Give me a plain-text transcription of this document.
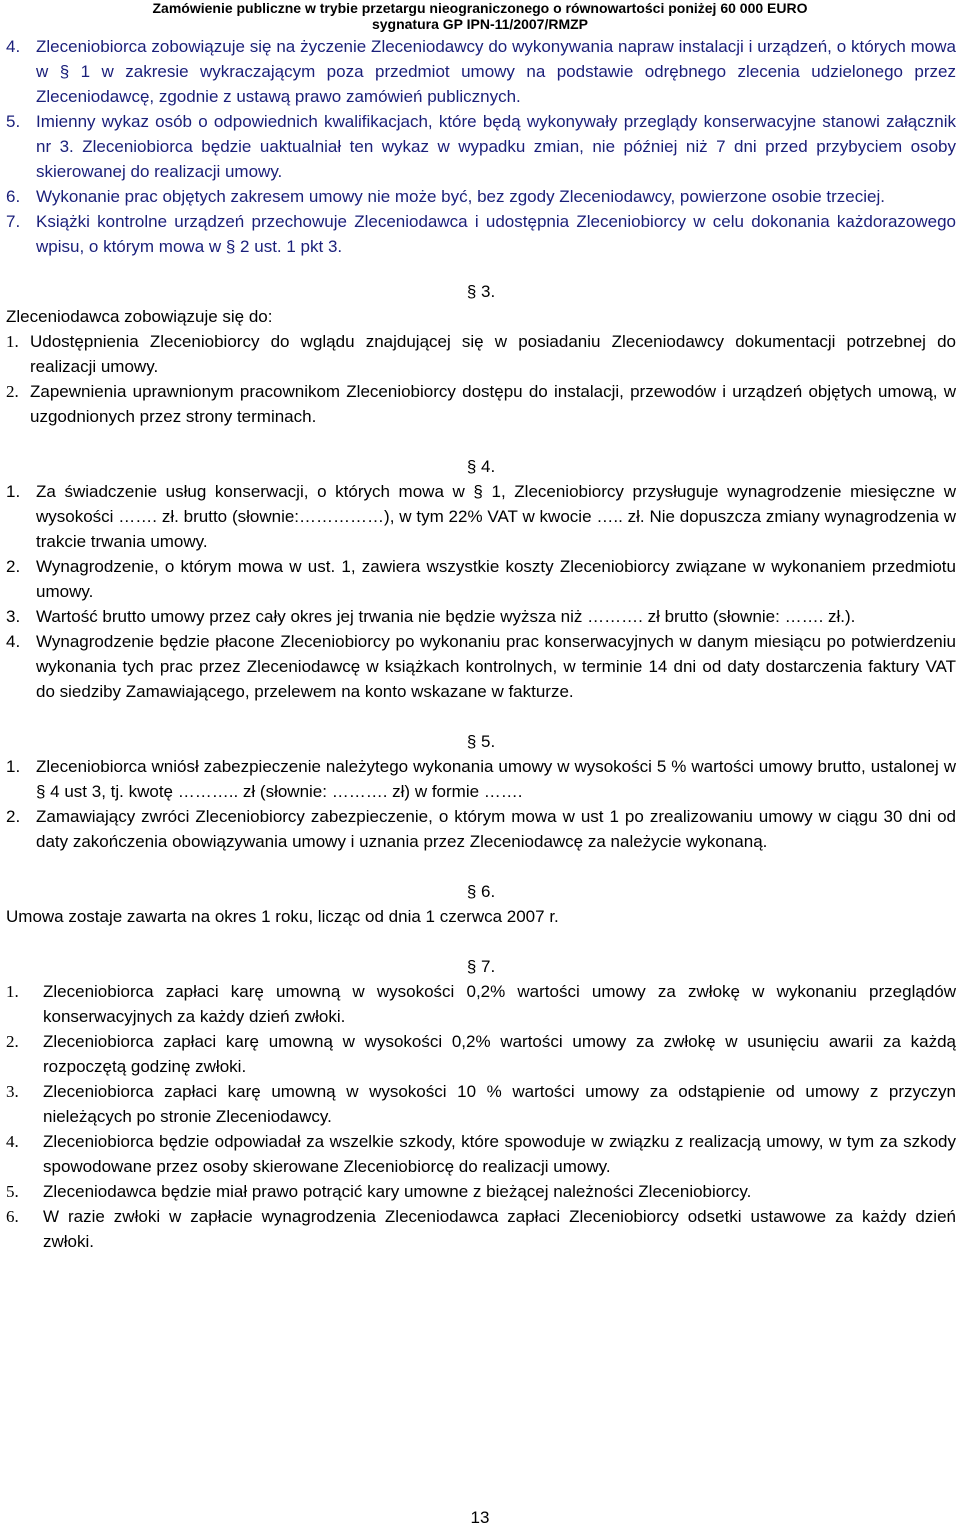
Zamówienie publiczne w trybie przetargu nieograniczonego o równowartości poniżej 60 000 EURO
sygnatura GP IPN-11/2007/RMZP
4. Zleceniobiorca zobowiązuje się na życzenie Zleceniodawcy do wykonywania napraw instalacji i urządzeń, o których mowa w § 1 w zakresie wykraczającym poza przedmiot umowy na podstawie odrębnego zlecenia udzielonego przez Zleceniodawcę, zgodnie z ustawą prawo zamówień publicznych.
5. Imienny wykaz osób o odpowiednich kwalifikacjach, które będą wykonywały przeglądy konserwacyjne stanowi załącznik nr 3. Zleceniobiorca będzie uaktualniał ten wykaz w wypadku zmian, nie później niż 7 dni przed przybyciem osoby skierowanej do realizacji umowy.
6. Wykonanie prac objętych zakresem umowy nie może być, bez zgody Zleceniodawcy, powierzone osobie trzeciej.
7. Książki kontrolne urządzeń przechowuje Zleceniodawca i udostępnia Zleceniobiorcy w celu dokonania każdorazowego wpisu, o którym mowa w § 2 ust. 1 pkt 3.
§ 3.
Zleceniodawca zobowiązuje się do:
1. Udostępnienia Zleceniobiorcy do wglądu znajdującej się w posiadaniu Zleceniodawcy dokumentacji potrzebnej do realizacji umowy.
2. Zapewnienia uprawnionym pracownikom Zleceniobiorcy dostępu do instalacji, przewodów i urządzeń objętych umową, w uzgodnionych przez strony terminach.
§ 4.
1. Za świadczenie usług konserwacji, o których mowa w § 1, Zleceniobiorcy przysługuje wynagrodzenie miesięczne w wysokości ……. zł. brutto (słownie:……………), w tym 22% VAT w kwocie ….. zł. Nie dopuszcza zmiany wynagrodzenia w trakcie trwania umowy.
2. Wynagrodzenie, o którym mowa w ust. 1, zawiera wszystkie koszty Zleceniobiorcy związane w wykonaniem przedmiotu umowy.
3. Wartość brutto umowy przez cały okres jej trwania nie będzie wyższa niż ………. zł brutto (słownie: ……. zł.).
4. Wynagrodzenie będzie płacone Zleceniobiorcy po wykonaniu prac konserwacyjnych w danym miesiącu po potwierdzeniu wykonania tych prac przez Zleceniodawcę w książkach kontrolnych, w terminie 14 dni od daty dostarczenia faktury VAT do siedziby Zamawiającego, przelewem na konto wskazane w fakturze.
§ 5.
1. Zleceniobiorca wniósł zabezpieczenie należytego wykonania umowy w wysokości 5 % wartości umowy brutto, ustalonej w § 4 ust 3, tj. kwotę ……….. zł (słownie: ………. zł) w formie …….
2. Zamawiający zwróci Zleceniobiorcy zabezpieczenie, o którym mowa w ust 1 po zrealizowaniu umowy w ciągu 30 dni od daty zakończenia obowiązywania umowy i uznania przez Zleceniodawcę za należycie wykonaną.
§ 6.
Umowa zostaje zawarta na okres 1 roku, licząc od dnia 1 czerwca 2007 r.
§ 7.
1.	Zleceniobiorca zapłaci karę umowną w wysokości 0,2% wartości umowy za zwłokę w wykonaniu przeglądów konserwacyjnych za każdy dzień zwłoki.
2.	Zleceniobiorca zapłaci karę umowną w wysokości 0,2% wartości umowy za zwłokę w usunięciu awarii za każdą rozpoczętą godzinę zwłoki.
3.	Zleceniobiorca zapłaci karę umowną w wysokości 10 % wartości umowy za odstąpienie od umowy z przyczyn nieleżących po stronie Zleceniodawcy.
4.	Zleceniobiorca będzie odpowiadał za wszelkie szkody, które spowoduje w związku z realizacją umowy, w tym za szkody spowodowane przez osoby skierowane Zleceniobiorcę do realizacji umowy.
5.	Zleceniodawca będzie miał prawo potrącić kary umowne z bieżącej należności Zleceniobiorcy.
6.	W razie zwłoki w zapłacie wynagrodzenia Zleceniodawca zapłaci Zleceniobiorcy odsetki ustawowe za każdy dzień zwłoki.
13
